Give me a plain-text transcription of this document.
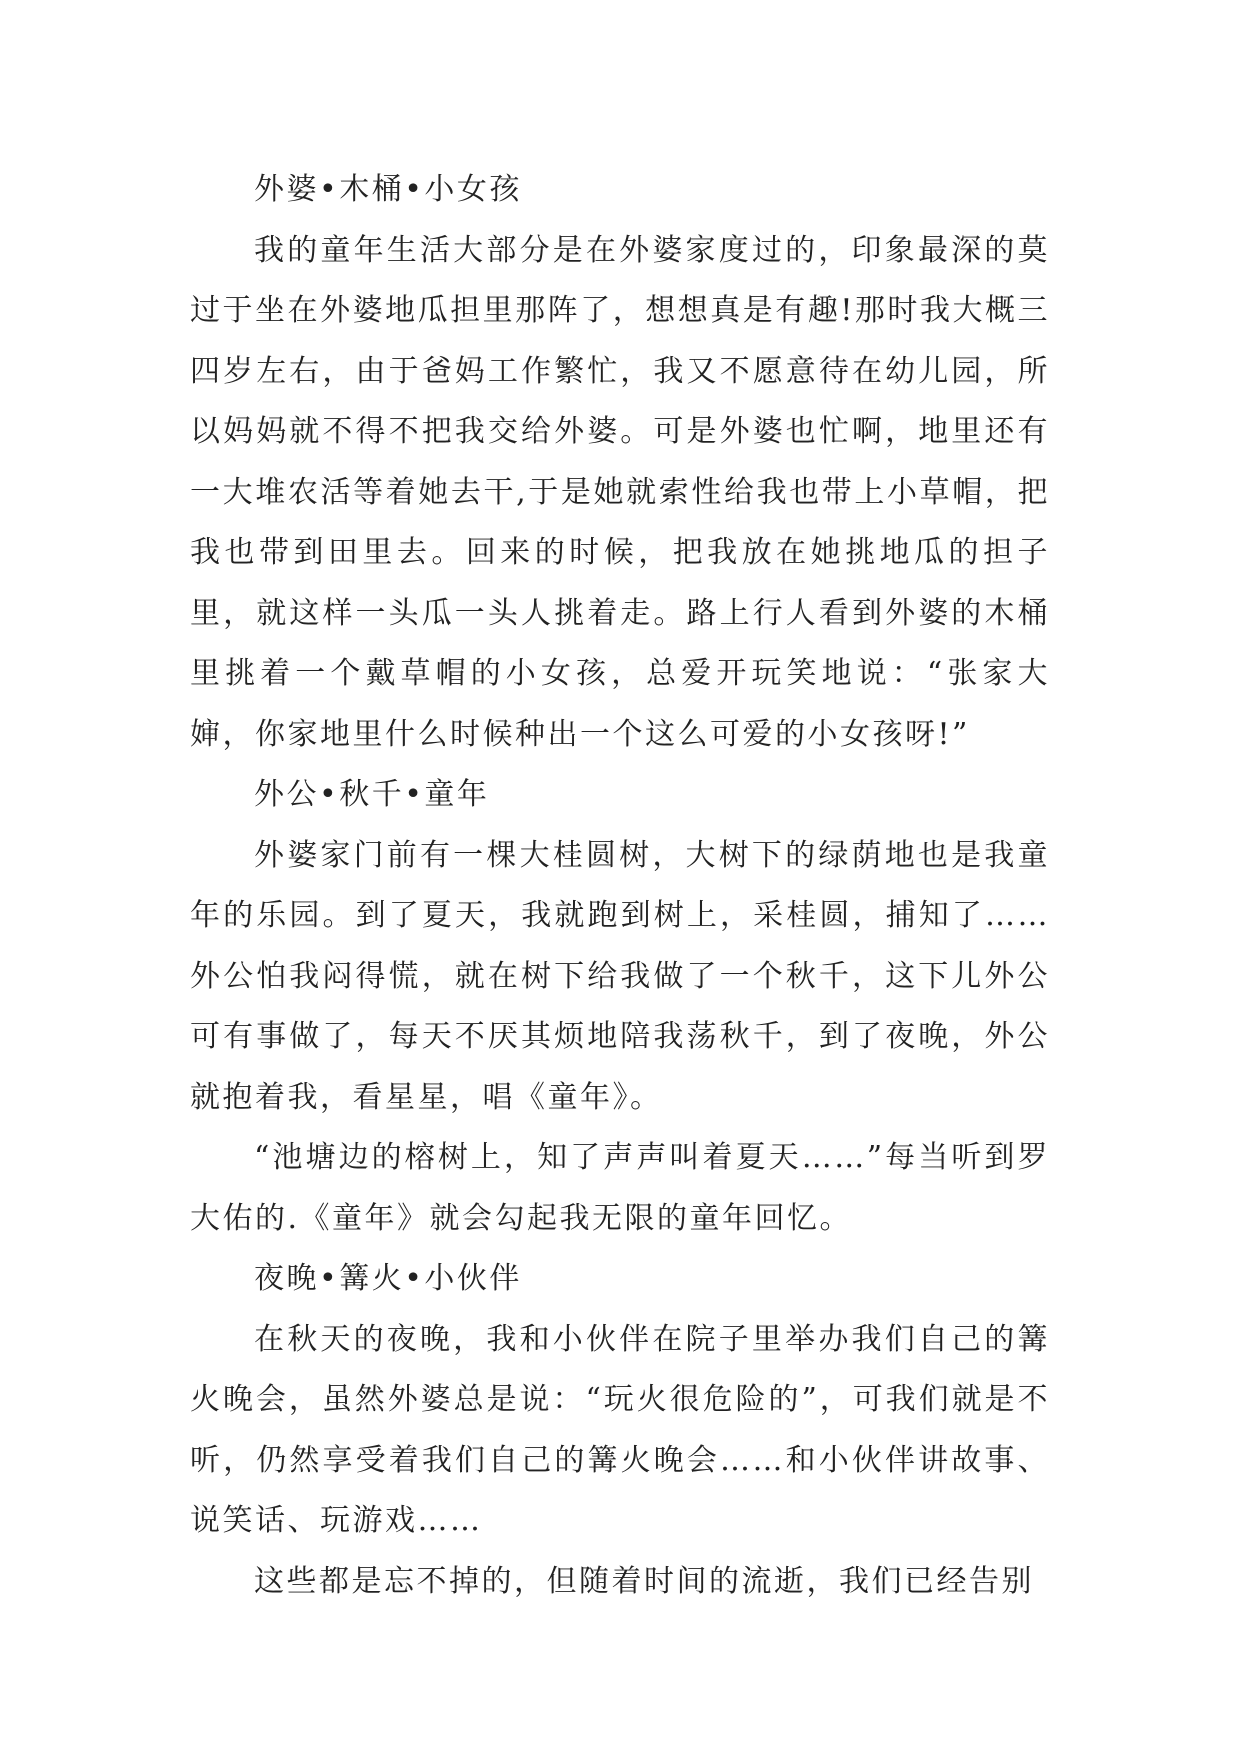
外婆•木桶•小女孩

我的童年生活大部分是在外婆家度过的，印象最深的莫过于坐在外婆地瓜担里那阵了，想想真是有趣!那时我大概三四岁左右，由于爸妈工作繁忙，我又不愿意待在幼儿园，所以妈妈就不得不把我交给外婆。可是外婆也忙啊，地里还有一大堆农活等着她去干,于是她就索性给我也带上小草帽，把我也带到田里去。回来的时候，把我放在她挑地瓜的担子里，就这样一头瓜一头人挑着走。路上行人看到外婆的木桶里挑着一个戴草帽的小女孩，总爱开玩笑地说：“张家大婶，你家地里什么时候种出一个这么可爱的小女孩呀!”

外公•秋千•童年

外婆家门前有一棵大桂圆树，大树下的绿荫地也是我童年的乐园。到了夏天，我就跑到树上，采桂圆，捕知了……外公怕我闷得慌，就在树下给我做了一个秋千，这下儿外公可有事做了，每天不厌其烦地陪我荡秋千，到了夜晚，外公就抱着我，看星星，唱《童年》。

“池塘边的榕树上，知了声声叫着夏天……”每当听到罗大佑的.《童年》就会勾起我无限的童年回忆。

夜晚•篝火•小伙伴

在秋天的夜晚，我和小伙伴在院子里举办我们自己的篝火晚会，虽然外婆总是说：“玩火很危险的”，可我们就是不听，仍然享受着我们自己的篝火晚会……和小伙伴讲故事、说笑话、玩游戏……

这些都是忘不掉的，但随着时间的流逝，我们已经告别
